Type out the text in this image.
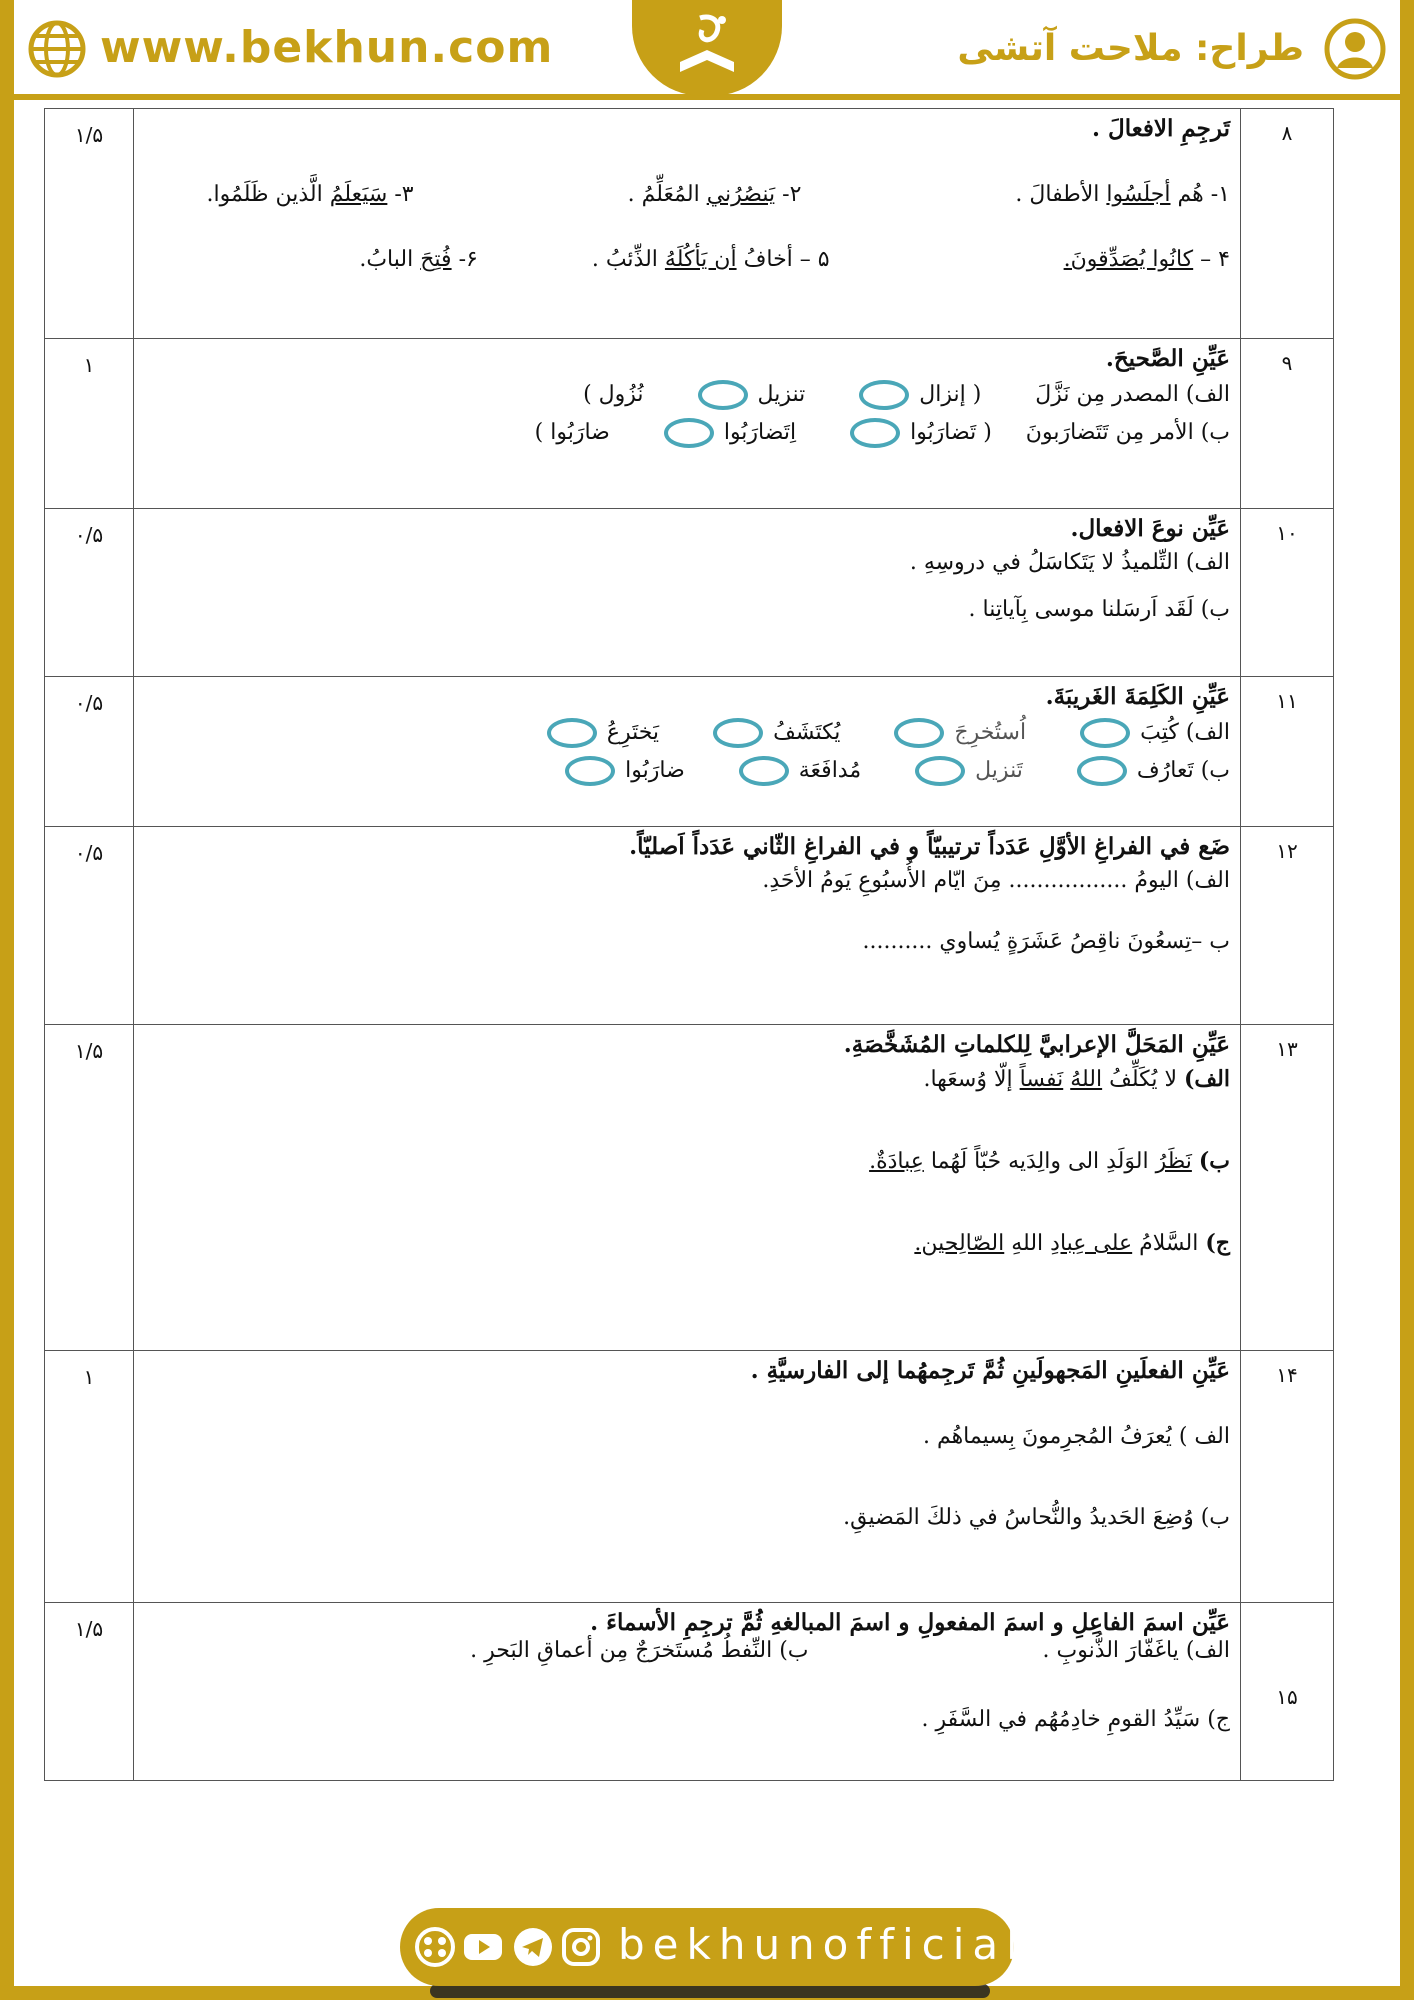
www.bekhun.com	طراح: ملاحت آتشی
۸	تَرجِمِ الافعالَ .
۱- هُم أجلَسُوا الأطفالَ .  ۲- يَنصُرُني المُعَلِّمُ .  ۳- سَيَعلَمُ الَّذين ظَلَمُوا.
۴ – كانُوا يُصَدِّقونَ.  ۵ – أخافُ أن يَأكُلَهُ الذِّئبُ .  ۶- فُتِحَ البابُ.	۱/۵
۹	عَيِّنِ الصَّحيحَ.
الف) المصدر مِن نَزَّلَ  ( إنزال  تنزيل  نُزُول )
ب) الأمر مِن تَتَضارَبونَ  ( تَضارَبُوا  اِتَضارَبُوا  ضارَبُوا )	۱
۱۰	عَيِّن نوعَ الافعال.
الف) التِّلميذُ لا يَتَكاسَلُ في دروسِهِ .
ب) لَقَد اَرسَلنا موسى بِآياتِنا .	۰/۵
۱۱	عَيِّنِ الكَلِمَةَ الغَريبَةَ.
الف) كُتِبَ  اُستُخرِجَ  يُكتَشَفُ  يَختَرِعُ
ب) تَعارُف  تَنزيل  مُدافَعَة  ضارَبُوا	۰/۵
۱۲	ضَع في الفراغِ الأوَّلِ عَدَداً ترتيبيّاً و في الفراغِ الثّاني عَدَداً اَصليّاً.
الف) اليومُ ................. مِنَ ايّام الأُسبُوعِ يَومُ الأحَدِ.
ب –تِسعُونَ ناقِصُ عَشَرَةٍ يُساوي ..........	۰/۵
۱۳	عَيِّنِ المَحَلَّ الإعرابيَّ لِلكلماتِ المُشَخَّصَةِ.
الف) لا يُكَلِّفُ اللهُ نَفساً إلّا وُسعَها.
ب) نَظَرُ الوَلَدِ الى والِدَيه حُبّاً لَهُما عِبادَةٌ.
ج) السَّلامُ على عِبادِ اللهِ الصّالِحين.	۱/۵
۱۴	عَيِّنِ الفعلَينِ المَجهولَينِ ثُمَّ تَرجِمهُما إلى الفارسيَّةِ .
الف ) يُعرَفُ المُجرِمونَ بِسيماهُم .
ب) وُضِعَ الحَديدُ والنُّحاسُ في ذلكَ المَضيقِ.	۱
۱۵	عَيِّن اسمَ الفاعِلِ و اسمَ المفعولِ و اسمَ المبالغهِ ثُمَّ ترجِمِ الأسماءَ .
الف) ياغَفّارَ الذُّنوبِ .  ب) النِّفطُ مُستَخرَجٌ مِن أعماقِ البَحرِ .
ج) سَيِّدُ القومِ خادِمُهُم في السَّفَرِ .	۱/۵
bekhunofficial
